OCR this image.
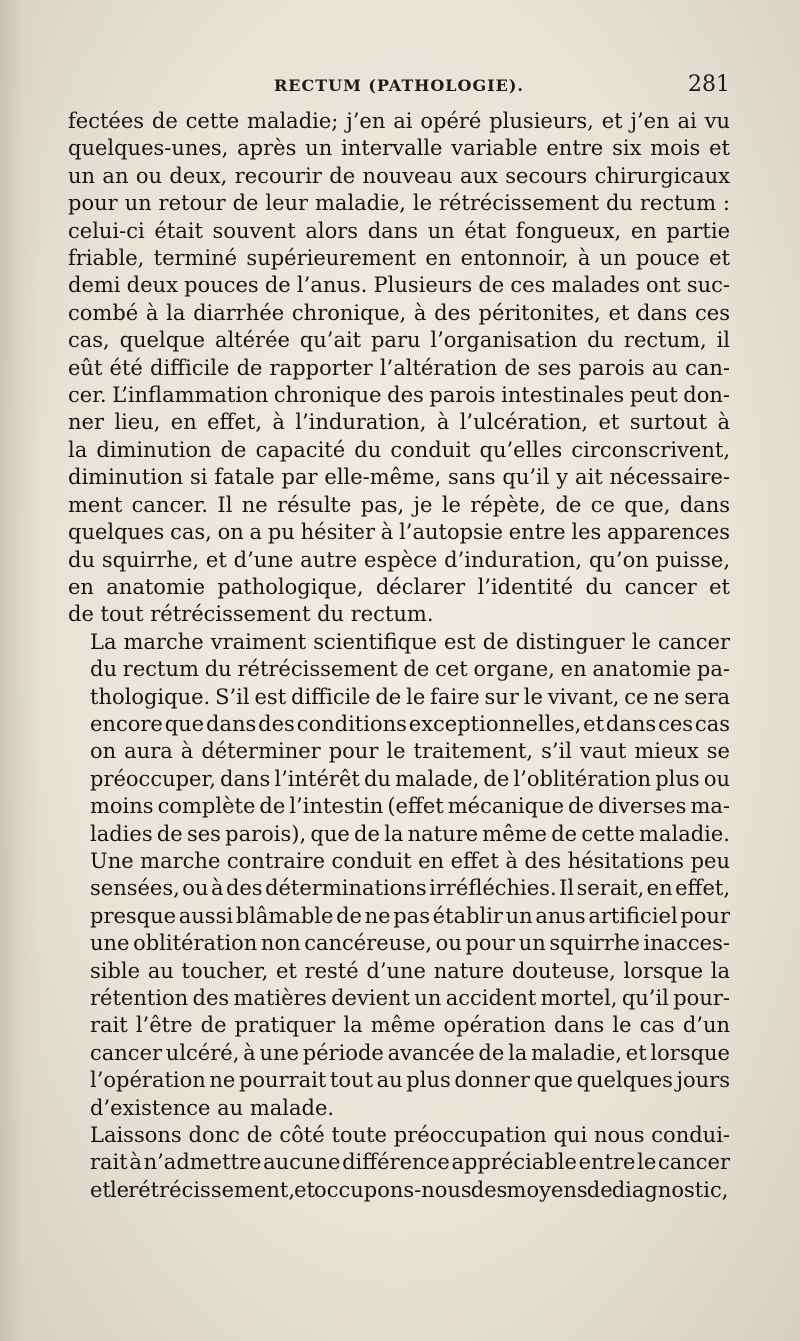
RECTUM (PATHOLOGIE).	281

fectées de cette maladie; j’en ai opéré plusieurs, et j’en ai vu
quelques-unes, après un intervalle variable entre six mois et
un an ou deux, recourir de nouveau aux secours chirurgicaux
pour un retour de leur maladie, le rétrécissement du rectum :
celui-ci était souvent alors dans un état fongueux, en partie
friable, terminé supérieurement en entonnoir, à un pouce et
demi deux pouces de l’anus. Plusieurs de ces malades ont suc-
combé à la diarrhée chronique, à des péritonites, et dans ces
cas, quelque altérée qu’ait paru l’organisation du rectum, il
eût été difficile de rapporter l’altération de ses parois au can-
cer. L’inflammation chronique des parois intestinales peut don-
ner lieu, en effet, à l’induration, à l’ulcération, et surtout à
la diminution de capacité du conduit qu’elles circonscrivent,
diminution si fatale par elle-même, sans qu’il y ait nécessaire-
ment cancer. Il ne résulte pas, je le répète, de ce que, dans
quelques cas, on a pu hésiter à l’autopsie entre les apparences
du squirrhe, et d’une autre espèce d’induration, qu’on puisse,
en anatomie pathologique, déclarer l’identité du cancer et
de tout rétrécissement du rectum.

La marche vraiment scientifique est de distinguer le cancer
du rectum du rétrécissement de cet organe, en anatomie pa-
thologique. S’il est difficile de le faire sur le vivant, ce ne sera
encore que dans des conditions exceptionnelles, et dans ces cas
on aura à déterminer pour le traitement, s’il vaut mieux se
préoccuper, dans l’intérêt du malade, de l’oblitération plus ou
moins complète de l’intestin (effet mécanique de diverses ma-
ladies de ses parois), que de la nature même de cette maladie.
Une marche contraire conduit en effet à des hésitations peu
sensées, ou à des déterminations irréfléchies. Il serait, en effet,
presque aussi blâmable de ne pas établir un anus artificiel pour
une oblitération non cancéreuse, ou pour un squirrhe inacces-
sible au toucher, et resté d’une nature douteuse, lorsque la
rétention des matières devient un accident mortel, qu’il pour-
rait l’être de pratiquer la même opération dans le cas d’un
cancer ulcéré, à une période avancée de la maladie, et lorsque
l’opération ne pourrait tout au plus donner que quelques jours
d’existence au malade.

Laissons donc de côté toute préoccupation qui nous condui-
rait à n’admettre aucune différence appréciable entre le cancer
et le rétrécissement, et occupons-nous des moyens de diagnostic,
